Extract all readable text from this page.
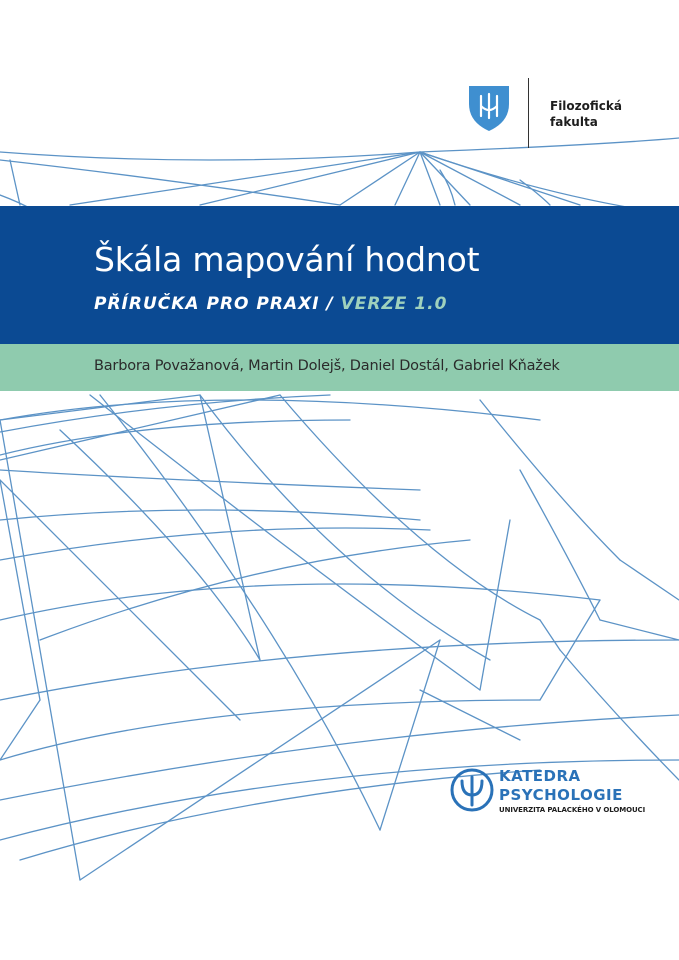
Filozofická
fakulta
Škála mapování hodnot
PŘÍRUČKA PRO PRAXI / VERZE 1.0
Barbora Považanová, Martin Dolejš, Daniel Dostál, Gabriel Kňažek
KATEDRA
PSYCHOLOGIE
UNIVERZITA PALACKÉHO V OLOMOUCI
